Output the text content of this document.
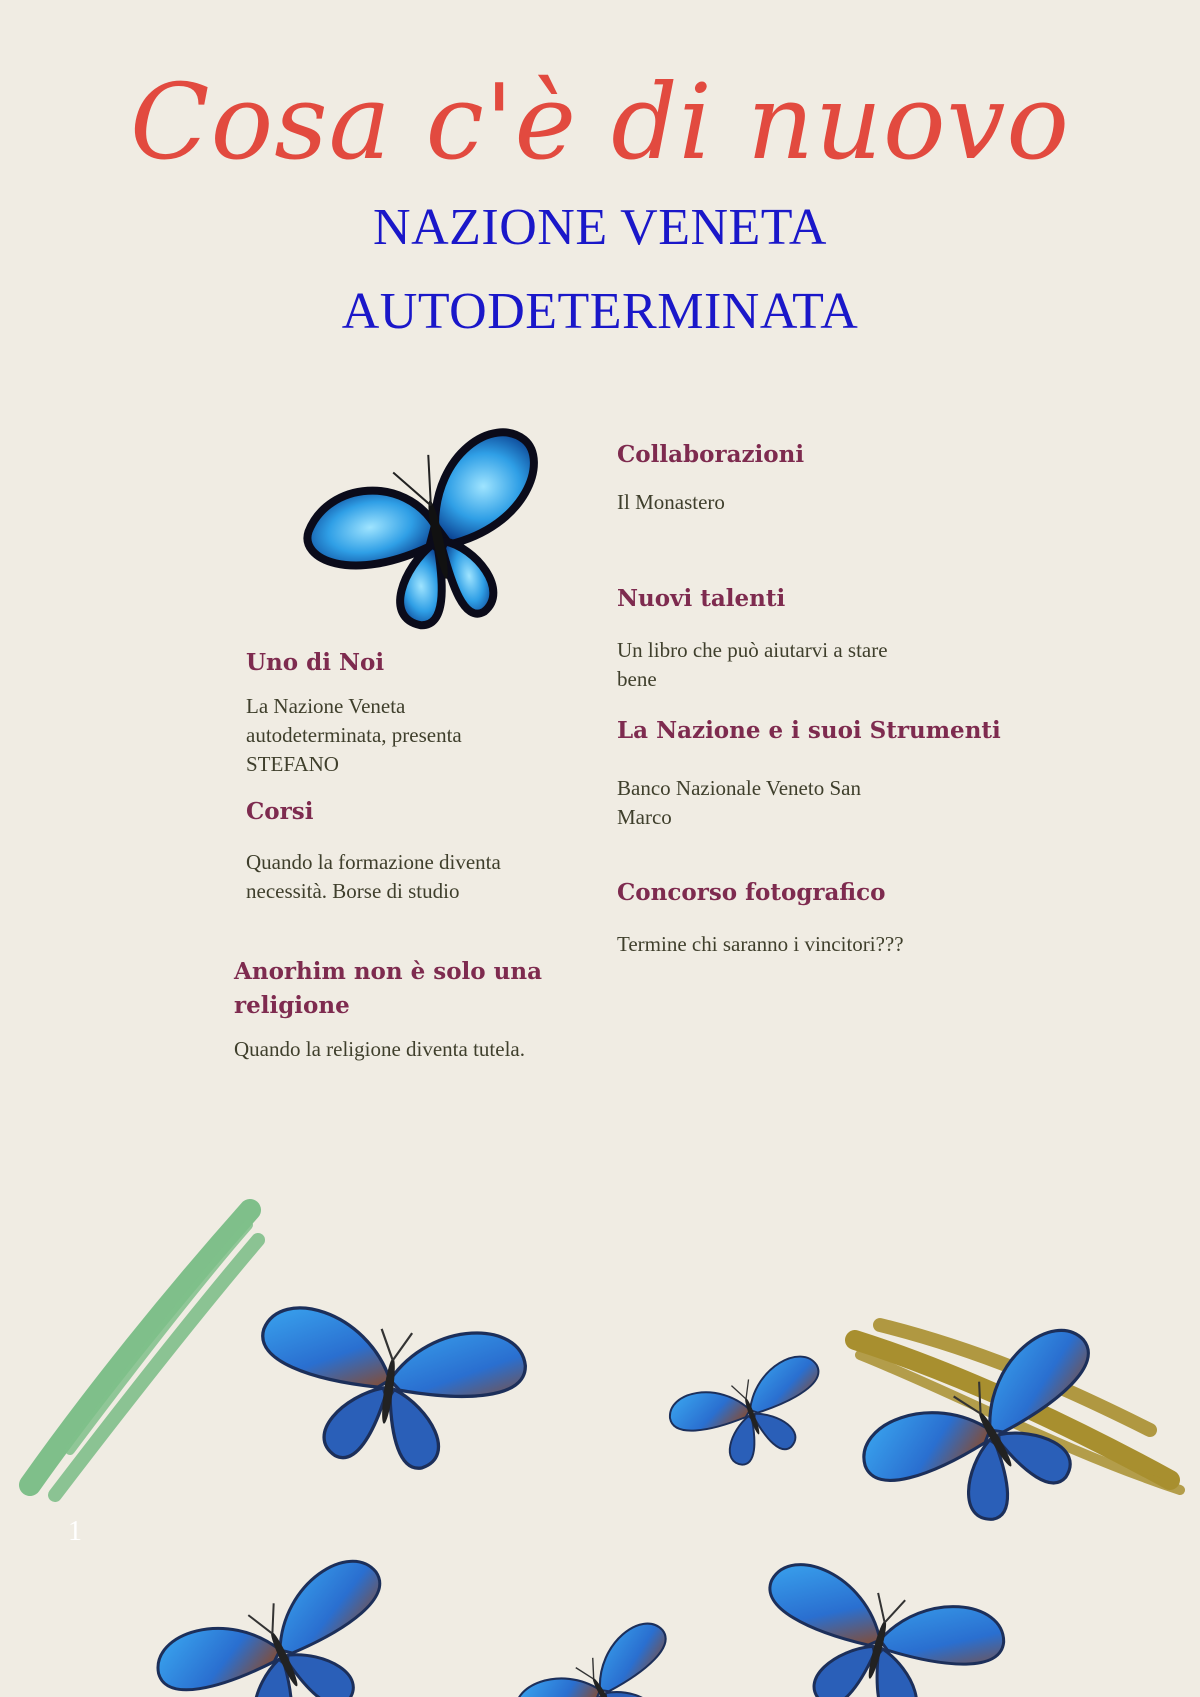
Cosa c'è di nuovo
NAZIONE VENETA
AUTODETERMINATA
Uno di Noi
La Nazione Veneta
autodeterminata, presenta
STEFANO
Corsi
Quando la formazione diventa
necessità. Borse di studio
Anorhim non è solo una
religione
Quando la religione diventa tutela.
Collaborazioni
Il Monastero
Nuovi talenti
Un libro che può aiutarvi a stare
bene
La Nazione e i suoi Strumenti
Banco Nazionale Veneto San
Marco
Concorso fotografico
Termine chi saranno i vincitori???
1
